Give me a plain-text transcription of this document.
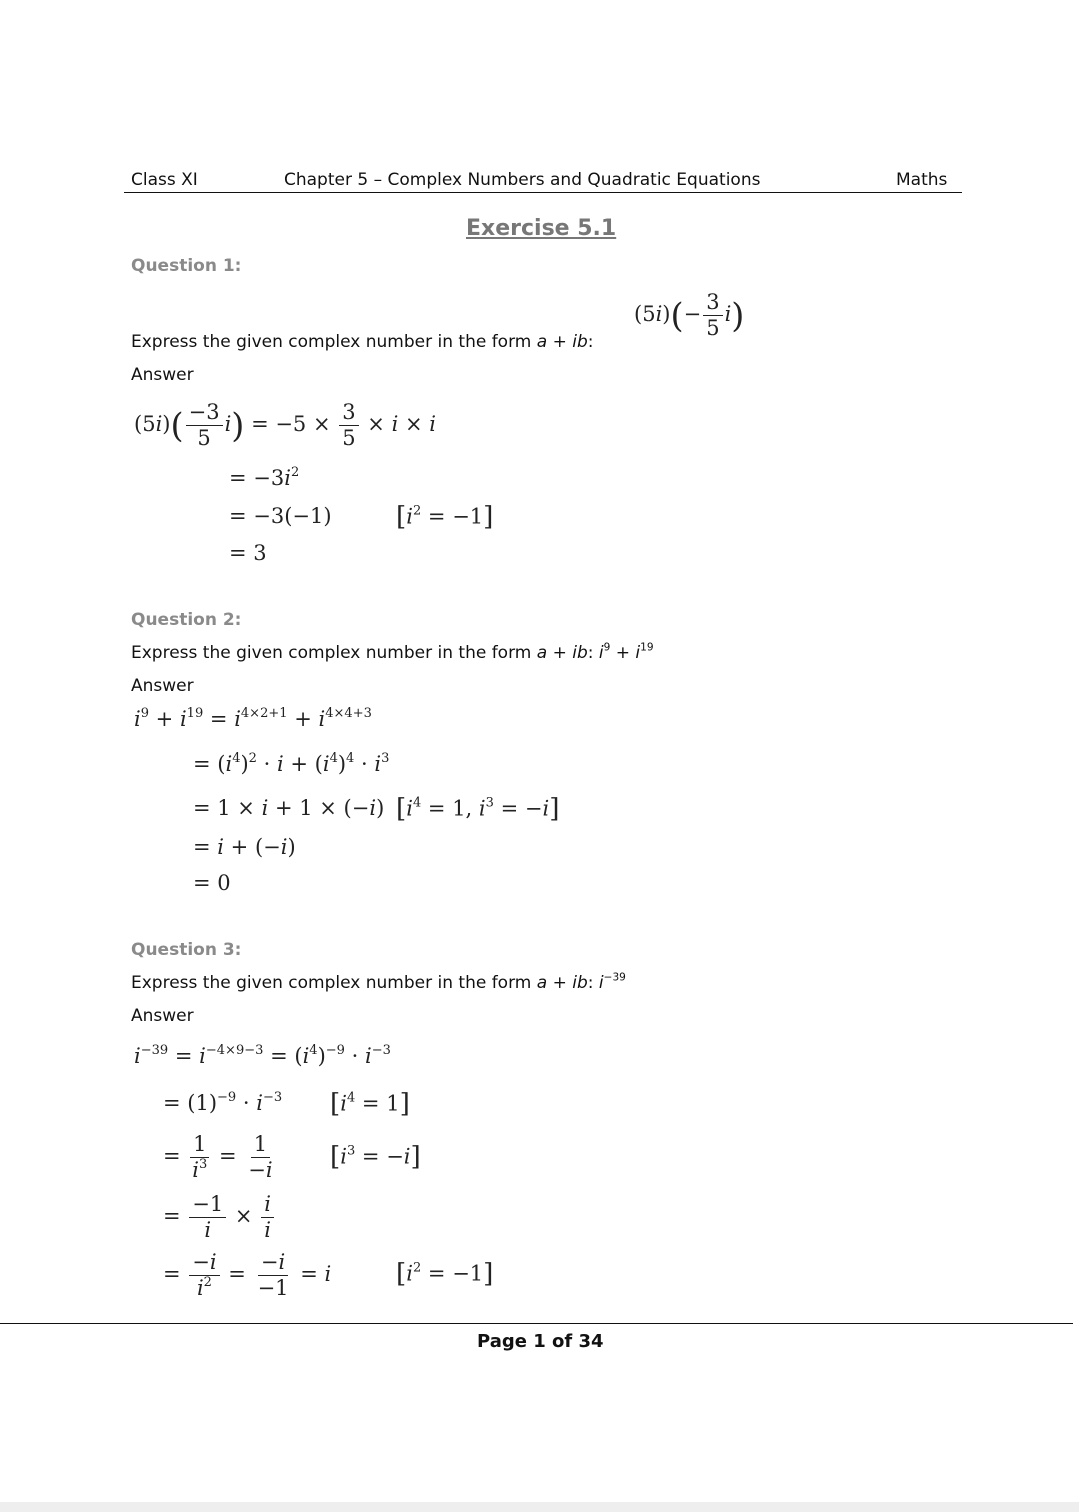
Class XI	Chapter 5 – Complex Numbers and Quadratic Equations	Maths
Exercise 5.1
Question 1:
$(5i)(- \frac{3}{5} i)$
Express the given complex number in the form a + ib:
Answer
$(5i)( \frac{-3}{5} i) = -5 \times \frac{3}{5} \times i \times i$
= $-3i^2$
= −3(−1) $[i^2 = -1]$
= 3
Question 2:
Express the given complex number in the form a + ib: $i^9 + i^{19}$
Answer
$i^9 + i^{19} = i^{4\times 2+1} + i^{4\times 4+3}$
= $(i^4)^2 \cdot i + (i^4)^4 \cdot i^3$
= 1 × i + 1 × (−i) [$i^4 = 1$, $i^3 = -i$]
= i + (−i)
= 0
Question 3:
Express the given complex number in the form a + ib: $i^{-39}$
Answer
$i^{-39} = i^{-4\times 9-3} = (i^4)^{-9} \cdot i^{-3}$
= $(1)^{-9} \cdot i^{-3}$ $[i^4 = 1]$
= $\frac{1}{i^3} = \frac{1}{-i} [i^3 = -i]$
= $\frac{-1}{i} \times \frac{i}{i}$
= $\frac{-i}{i^2} = \frac{-i}{-1} = i$ $[i^2 = -1]$
Page 1 of 34
